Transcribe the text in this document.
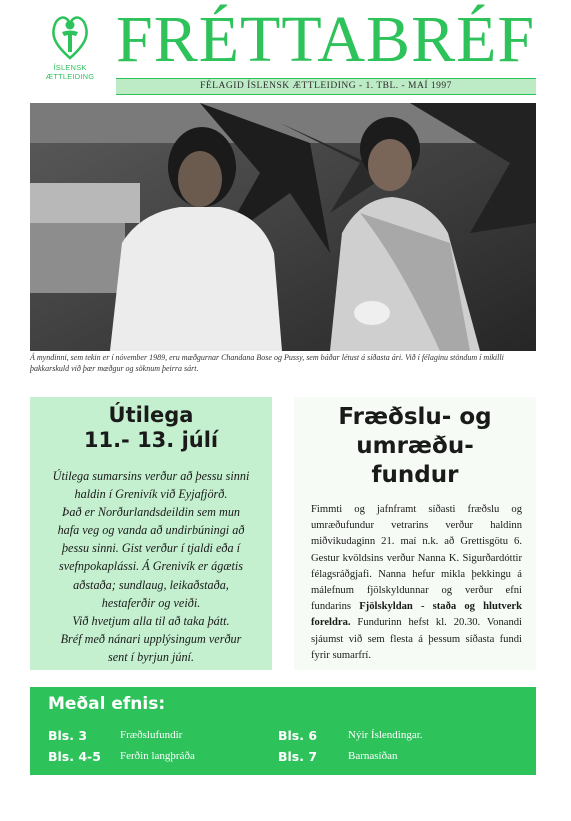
ÍSLENSK ÆTTLEIDING
FRÉTTABRÉF
FÉLAGID ÍSLENSK ÆTTLEIDING - 1. TBL. - MAÍ 1997
Á myndinni, sem tekin er í nóvember 1989, eru mæðgurnar Chandana Bose og Pussy, sem báðar létust á síðasta ári. Við í félaginu stöndum í mikilli þakkarskuld við þær mæðgur og söknum þeirra sárt.
Útilega
11.- 13. júlí

Útilega sumarsins verður að þessu sinni haldin í Grenivík við Eyjafjörð.

Það er Norðurlandsdeildin sem mun hafa veg og vanda að undirbúningi að þessu sinni. Gist verður í tjaldi eða í svefnpokaplássi. Á Grenivík er ágætis aðstaða; sundlaug, leikaðstaða, hestaferðir og veiði.

Við hvetjum alla til að taka þátt.

Bréf með nánari upplýsingum verður sent í byrjun júní.

Fræðslu- og
umræðu-
fundur
Fimmti og jafnframt síðasti fræðslu og umræðufundur vetrarins verður haldinn miðvikudaginn 21. maí n.k. að Grettisgötu 6. Gestur kvöldsins verður Nanna K. Sigurðardóttir félagsráðgjafi. Nanna hefur mikla þekkingu á málefnum fjölskyldunnar og verður efni fundarins Fjölskyldan - staða og hlutverk foreldra. Fundurinn hefst kl. 20.30. Vonandi sjáumst við sem flesta á þessum síðasta fundi fyrir sumarfrí.
Meðal efnis:
Bls. 3	Fræðslufundir
Bls. 4-5 Ferðin langþráða
Bls. 6	Nýir Íslendingar.
Bls. 7	Barnasíðan
